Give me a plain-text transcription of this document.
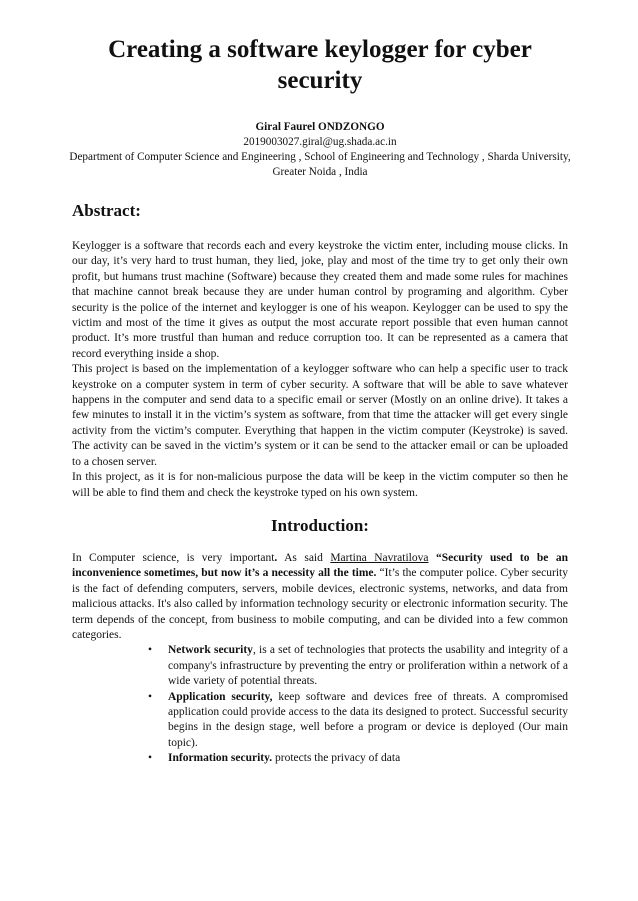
Creating a software keylogger for cyber security
Giral Faurel ONDZONGO
2019003027.giral@ug.shada.ac.in
Department of Computer Science and Engineering , School of Engineering and Technology , Sharda University, Greater Noida , India
Abstract:

Keylogger is a software that records each and every keystroke the victim enter, including mouse clicks. In our day, it’s very hard to trust human, they lied, joke, play and most of the time try to get only their own profit, but humans trust machine (Software) because they created them and made some rules for machines that machine cannot break because they are under human control by programing and algorithm. Cyber security is the police of the internet and keylogger is one of his weapon. Keylogger can be used to spy the victim and most of the time it gives as output the most accurate report possible that even human cannot product. It’s more trustful than human and reduce corruption too. It can be represented as a camera that record everything inside a shop.

This project is based on the implementation of a keylogger software who can help a specific user to track keystroke on a computer system in term of cyber security. A software that will be able to save whatever happens in the computer and send data to a specific email or server (Mostly on an online drive). It takes a few minutes to install it in the victim’s system as software, from that time the attacker will get every single activity from the victim’s computer. Everything that happen in the victim computer (Keystroke) is saved. The activity can be saved in the victim’s system or it can be send to the attacker email or can be uploaded to a chosen server.

In this project, as it is for non-malicious purpose the data will be keep in the victim computer so then he will be able to find them and check the keystroke typed on his own system.

Introduction:

In Computer science, is very important. As said Martina Navratilova “Security used to be an inconvenience sometimes, but now it’s a necessity all the time. “It’s the computer police. Cyber security is the fact of defending computers, servers, mobile devices, electronic systems, networks, and data from malicious attacks. It's also called by information technology security or electronic information security. The term depends of the concept, from business to mobile computing, and can be divided into a few common categories.

• Network security, is a set of technologies that protects the usability and integrity of a company's infrastructure by preventing the entry or proliferation within a network of a wide variety of potential threats.
• Application security, keep software and devices free of threats. A compromised application could provide access to the data its designed to protect. Successful security begins in the design stage, well before a program or device is deployed (Our main topic).
• Information security. protects the privacy of data
